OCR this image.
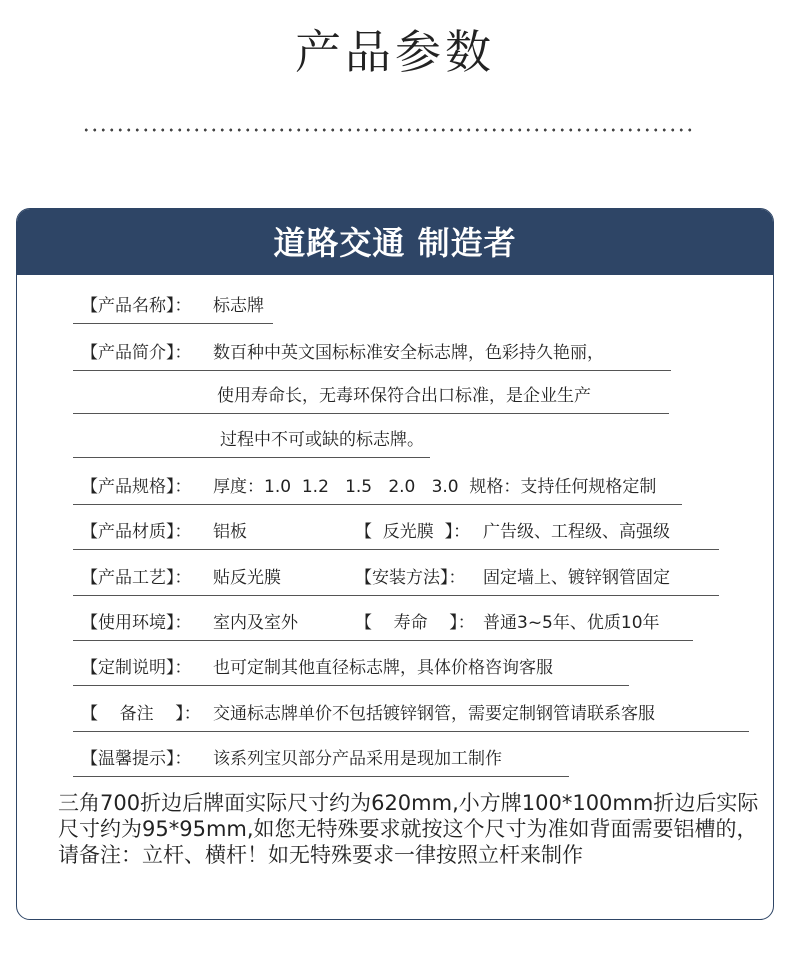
产品参数
道路交通 制造者
【产品名称】： 标志牌
【产品简介】： 数百种中英文国标标准安全标志牌，色彩持久艳丽，
使用寿命长，无毒环保符合出口标准，是企业生产
过程中不可或缺的标志牌。
【产品规格】： 厚度：1.0  1.2   1.5   2.0   3.0  规格：支持任何规格定制
【产品材质】： 铝板	【  反光膜  】： 广告级、工程级、高强级
【产品工艺】： 贴反光膜	【安装方法】： 固定墙上、镀锌钢管固定
【使用环境】： 室内及室外	【    寿命    】： 普通3~5年、优质10年
【定制说明】： 也可定制其他直径标志牌，具体价格咨询客服
【    备注    】： 交通标志牌单价不包括镀锌钢管，需要定制钢管请联系客服
【温馨提示】： 该系列宝贝部分产品采用是现加工制作
三角700折边后牌面实际尺寸约为620mm,小方牌100*100mm折边后实际尺寸约为95*95mm,如您无特殊要求就按这个尺寸为准如背面需要铝槽的，请备注：立杆、横杆！如无特殊要求一律按照立杆来制作
